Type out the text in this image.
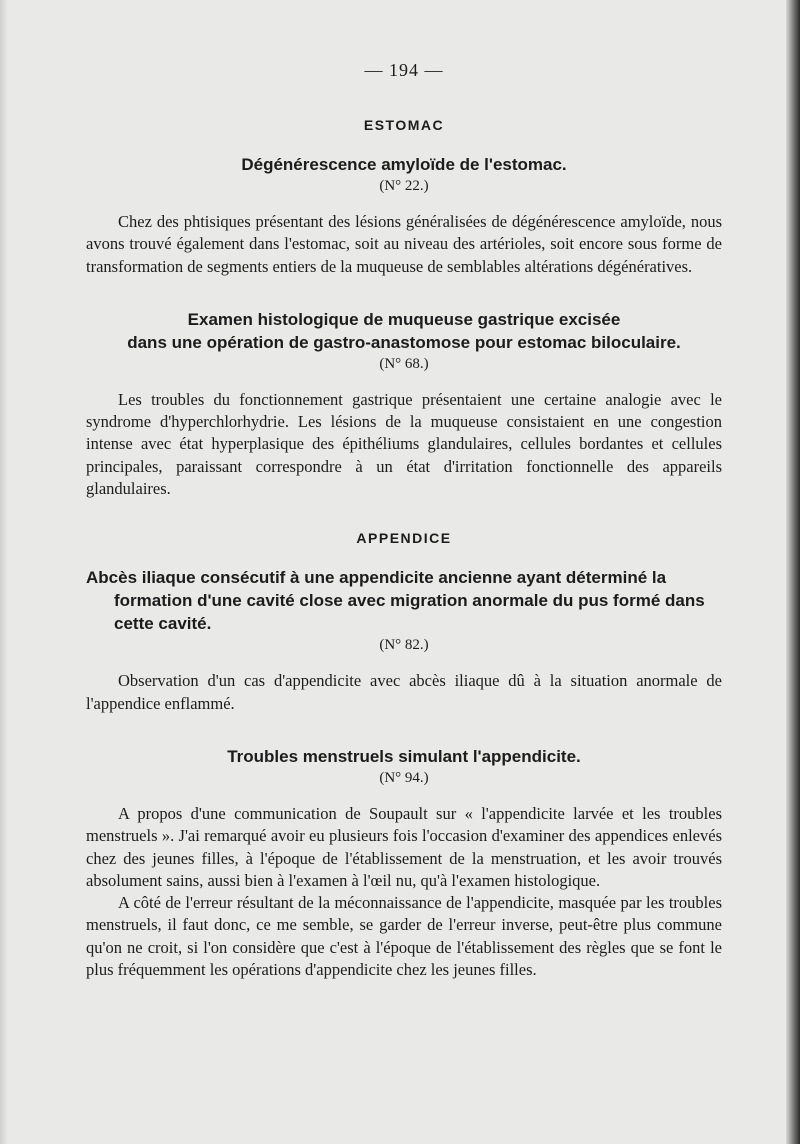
— 194 —
ESTOMAC
Dégénérescence amyloïde de l'estomac.
(N° 22.)

Chez des phtisiques présentant des lésions généralisées de dégénérescence amyloïde, nous avons trouvé également dans l'estomac, soit au niveau des artérioles, soit encore sous forme de transformation de segments entiers de la muqueuse de semblables altérations dégénératives.

Examen histologique de muqueuse gastrique excisée
dans une opération de gastro-anastomose pour estomac biloculaire.
(N° 68.)

Les troubles du fonctionnement gastrique présentaient une certaine analogie avec le syndrome d'hyperchlorhydrie. Les lésions de la muqueuse consistaient en une congestion intense avec état hyperplasique des épithéliums glandulaires, cellules bordantes et cellules principales, paraissant correspondre à un état d'irritation fonctionnelle des appareils glandulaires.

APPENDICE
Abcès iliaque consécutif à une appendicite ancienne ayant déterminé la formation d'une cavité close avec migration anormale du pus formé dans cette cavité.
(N° 82.)

Observation d'un cas d'appendicite avec abcès iliaque dû à la situation anormale de l'appendice enflammé.

Troubles menstruels simulant l'appendicite.
(N° 94.)

A propos d'une communication de Soupault sur « l'appendicite larvée et les troubles menstruels ». J'ai remarqué avoir eu plusieurs fois l'occasion d'examiner des appendices enlevés chez des jeunes filles, à l'époque de l'établissement de la menstruation, et les avoir trouvés absolument sains, aussi bien à l'examen à l'œil nu, qu'à l'examen histologique.

A côté de l'erreur résultant de la méconnaissance de l'appendicite, masquée par les troubles menstruels, il faut donc, ce me semble, se garder de l'erreur inverse, peut-être plus commune qu'on ne croit, si l'on considère que c'est à l'époque de l'établissement des règles que se font le plus fréquemment les opérations d'appendicite chez les jeunes filles.
